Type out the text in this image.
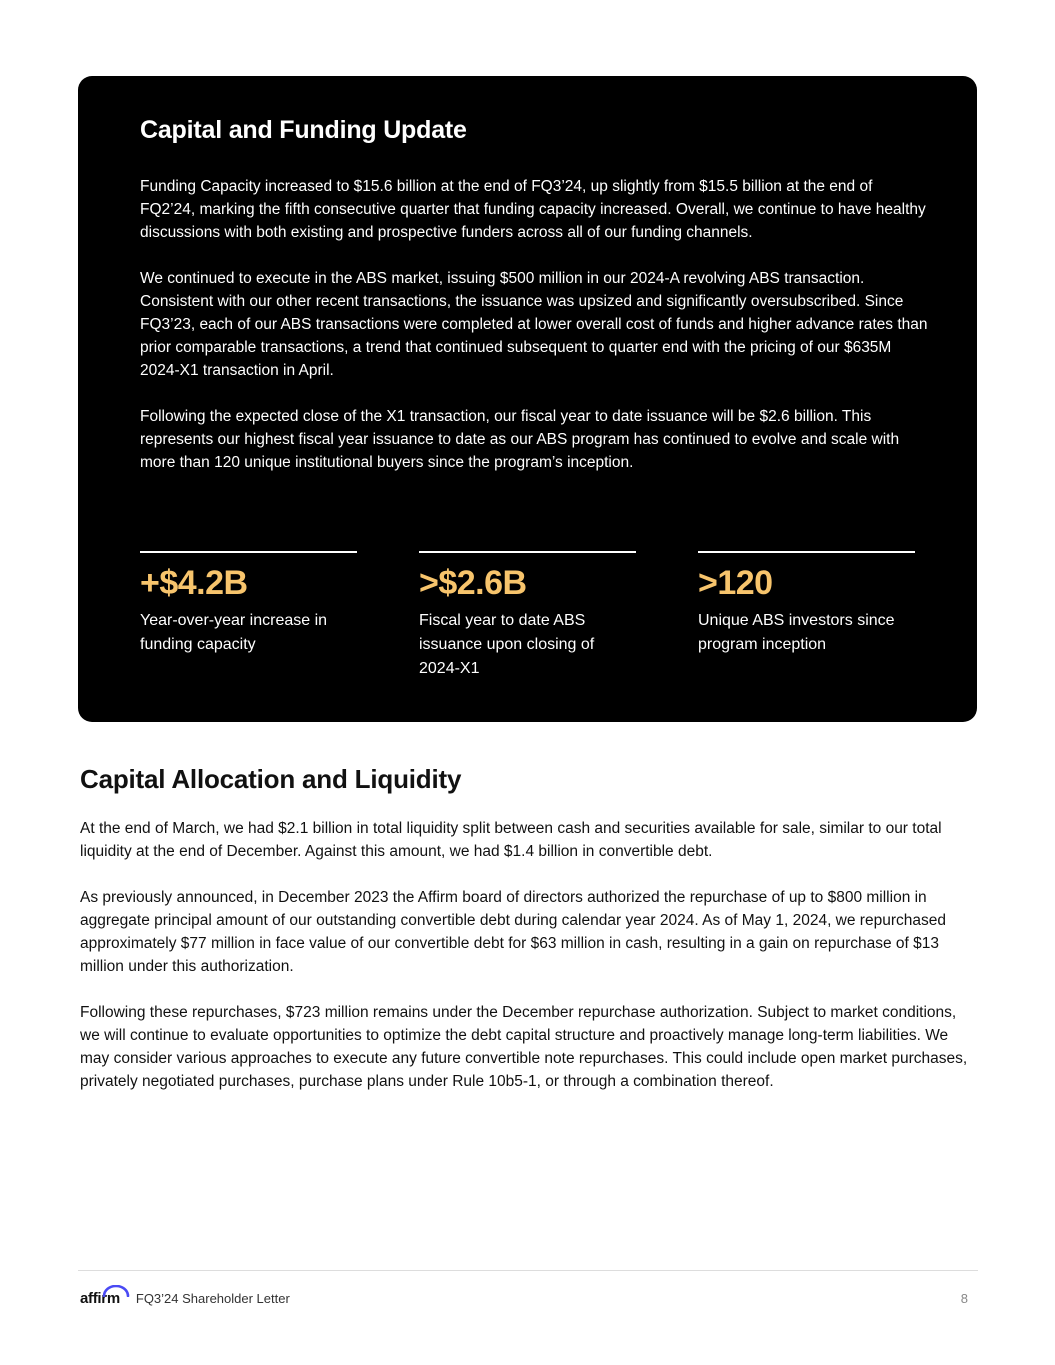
Capital and Funding Update

Funding Capacity increased to $15.6 billion at the end of FQ3’24, up slightly from $15.5 billion at the end of FQ2’24, marking the fifth consecutive quarter that funding capacity increased. Overall, we continue to have healthy discussions with both existing and prospective funders across all of our funding channels.

We continued to execute in the ABS market, issuing $500 million in our 2024-A revolving ABS transaction. Consistent with our other recent transactions, the issuance was upsized and significantly oversubscribed. Since FQ3’23, each of our ABS transactions were completed at lower overall cost of funds and higher advance rates than prior comparable transactions, a trend that continued subsequent to quarter end with the pricing of our $635M 2024-X1 transaction in April.

Following the expected close of the X1 transaction, our fiscal year to date issuance will be $2.6 billion. This represents our highest fiscal year issuance to date as our ABS program has continued to evolve and scale with more than 120 unique institutional buyers since the program’s inception.

+$4.2B
Year-over-year increase in funding capacity
>$2.6B
Fiscal year to date ABS issuance upon closing of 2024-X1
>120
Unique ABS investors since program inception
Capital Allocation and Liquidity

At the end of March, we had $2.1 billion in total liquidity split between cash and securities available for sale, similar to our total liquidity at the end of December. Against this amount, we had $1.4 billion in convertible debt.

As previously announced, in December 2023 the Affirm board of directors authorized the repurchase of up to $800 million in aggregate principal amount of our outstanding convertible debt during calendar year 2024. As of May 1, 2024, we repurchased approximately $77 million in face value of our convertible debt for $63 million in cash, resulting in a gain on repurchase of $13 million under this authorization.

Following these repurchases, $723 million remains under the December repurchase authorization. Subject to market conditions, we will continue to evaluate opportunities to optimize the debt capital structure and proactively manage long-term liabilities. We may consider various approaches to execute any future convertible note repurchases. This could include open market purchases, privately negotiated purchases, purchase plans under Rule 10b5-1, or through a combination thereof.

affirm FQ3’24 Shareholder Letter	8
